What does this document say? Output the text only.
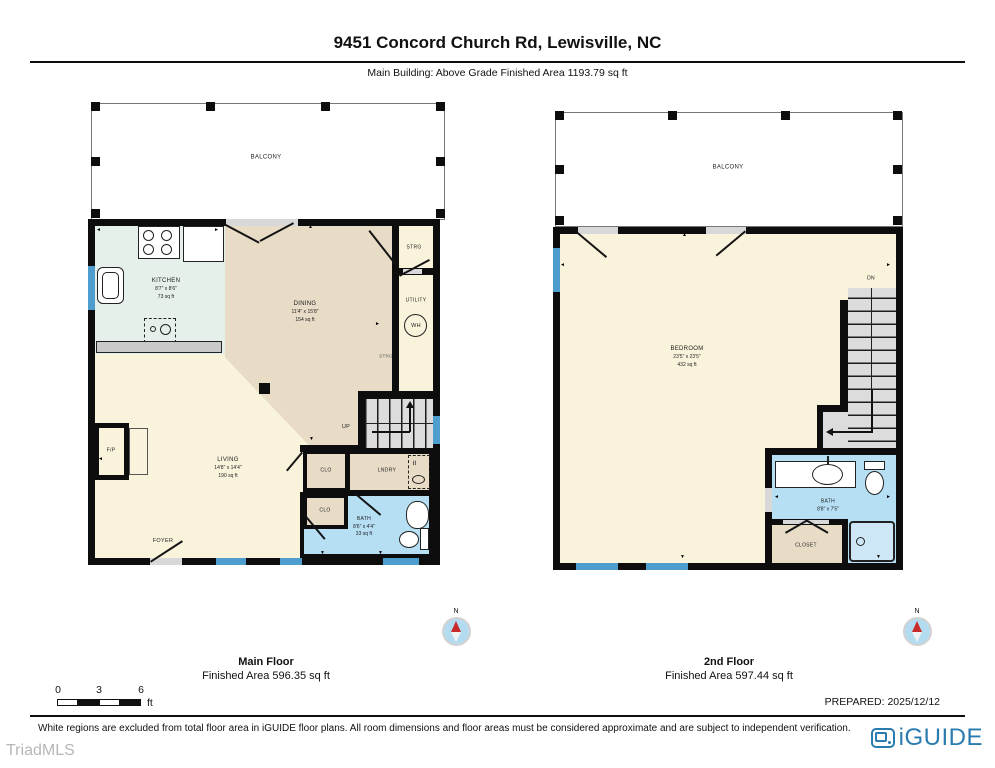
9451 Concord Church Rd, Lewisville, NC
Main Building: Above Grade Finished Area 1193.79 sq ft
BALCONY
UP
STRG
UTILITY
WH
STRG
F/P
≈
▲
◄	►
►
▼
▼	▼
◄
KITCHEN
8'7" x 8'6"
73 sq ft
DINING
11'4" x 15'8"
154 sq ft
LIVING
14'8" x 14'4"
190 sq ft
BATH
8'6" x 4'4"
33 sq ft
CLO
CLO
LNDRY
FOYER
BALCONY
DN
▲
◄	►
▼
◄	►
▼
BEDROOM
23'5" x 23'5"
432 sq ft
BATH
8'8" x 7'5"
CLOSET
N	N
Main Floor
Finished Area 596.35 sq ft
2nd Floor
Finished Area 597.44 sq ft
0	3	6
ft	PREPARED: 2025/12/12
White regions are excluded from total floor area in iGUIDE floor plans. All room dimensions and floor areas must be considered approximate and are subject to independent verification. iGUIDE
TriadMLS
